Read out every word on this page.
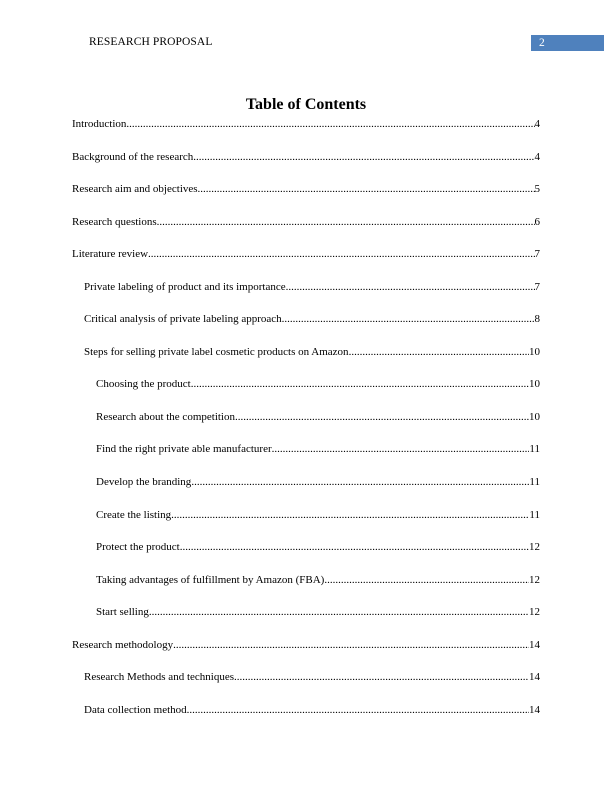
RESEARCH PROPOSAL	2
Table of Contents
Introduction .....	4
Background of the research .....	4
Research aim and objectives .....	5
Research questions .....	6
Literature review .....	7
Private labeling of product and its importance .....	7
Critical analysis of private labeling approach .....	8
Steps for selling private label cosmetic products on Amazon .....	10
Choosing the product .....	10
Research about the competition .....	10
Find the right private able manufacturer .....	11
Develop the branding .....	11
Create the listing .....	11
Protect the product .....	12
Taking advantages of fulfillment by Amazon (FBA) .....	12
Start selling .....	12
Research methodology .....	14
Research Methods and techniques .....	14
Data collection method .....	14
